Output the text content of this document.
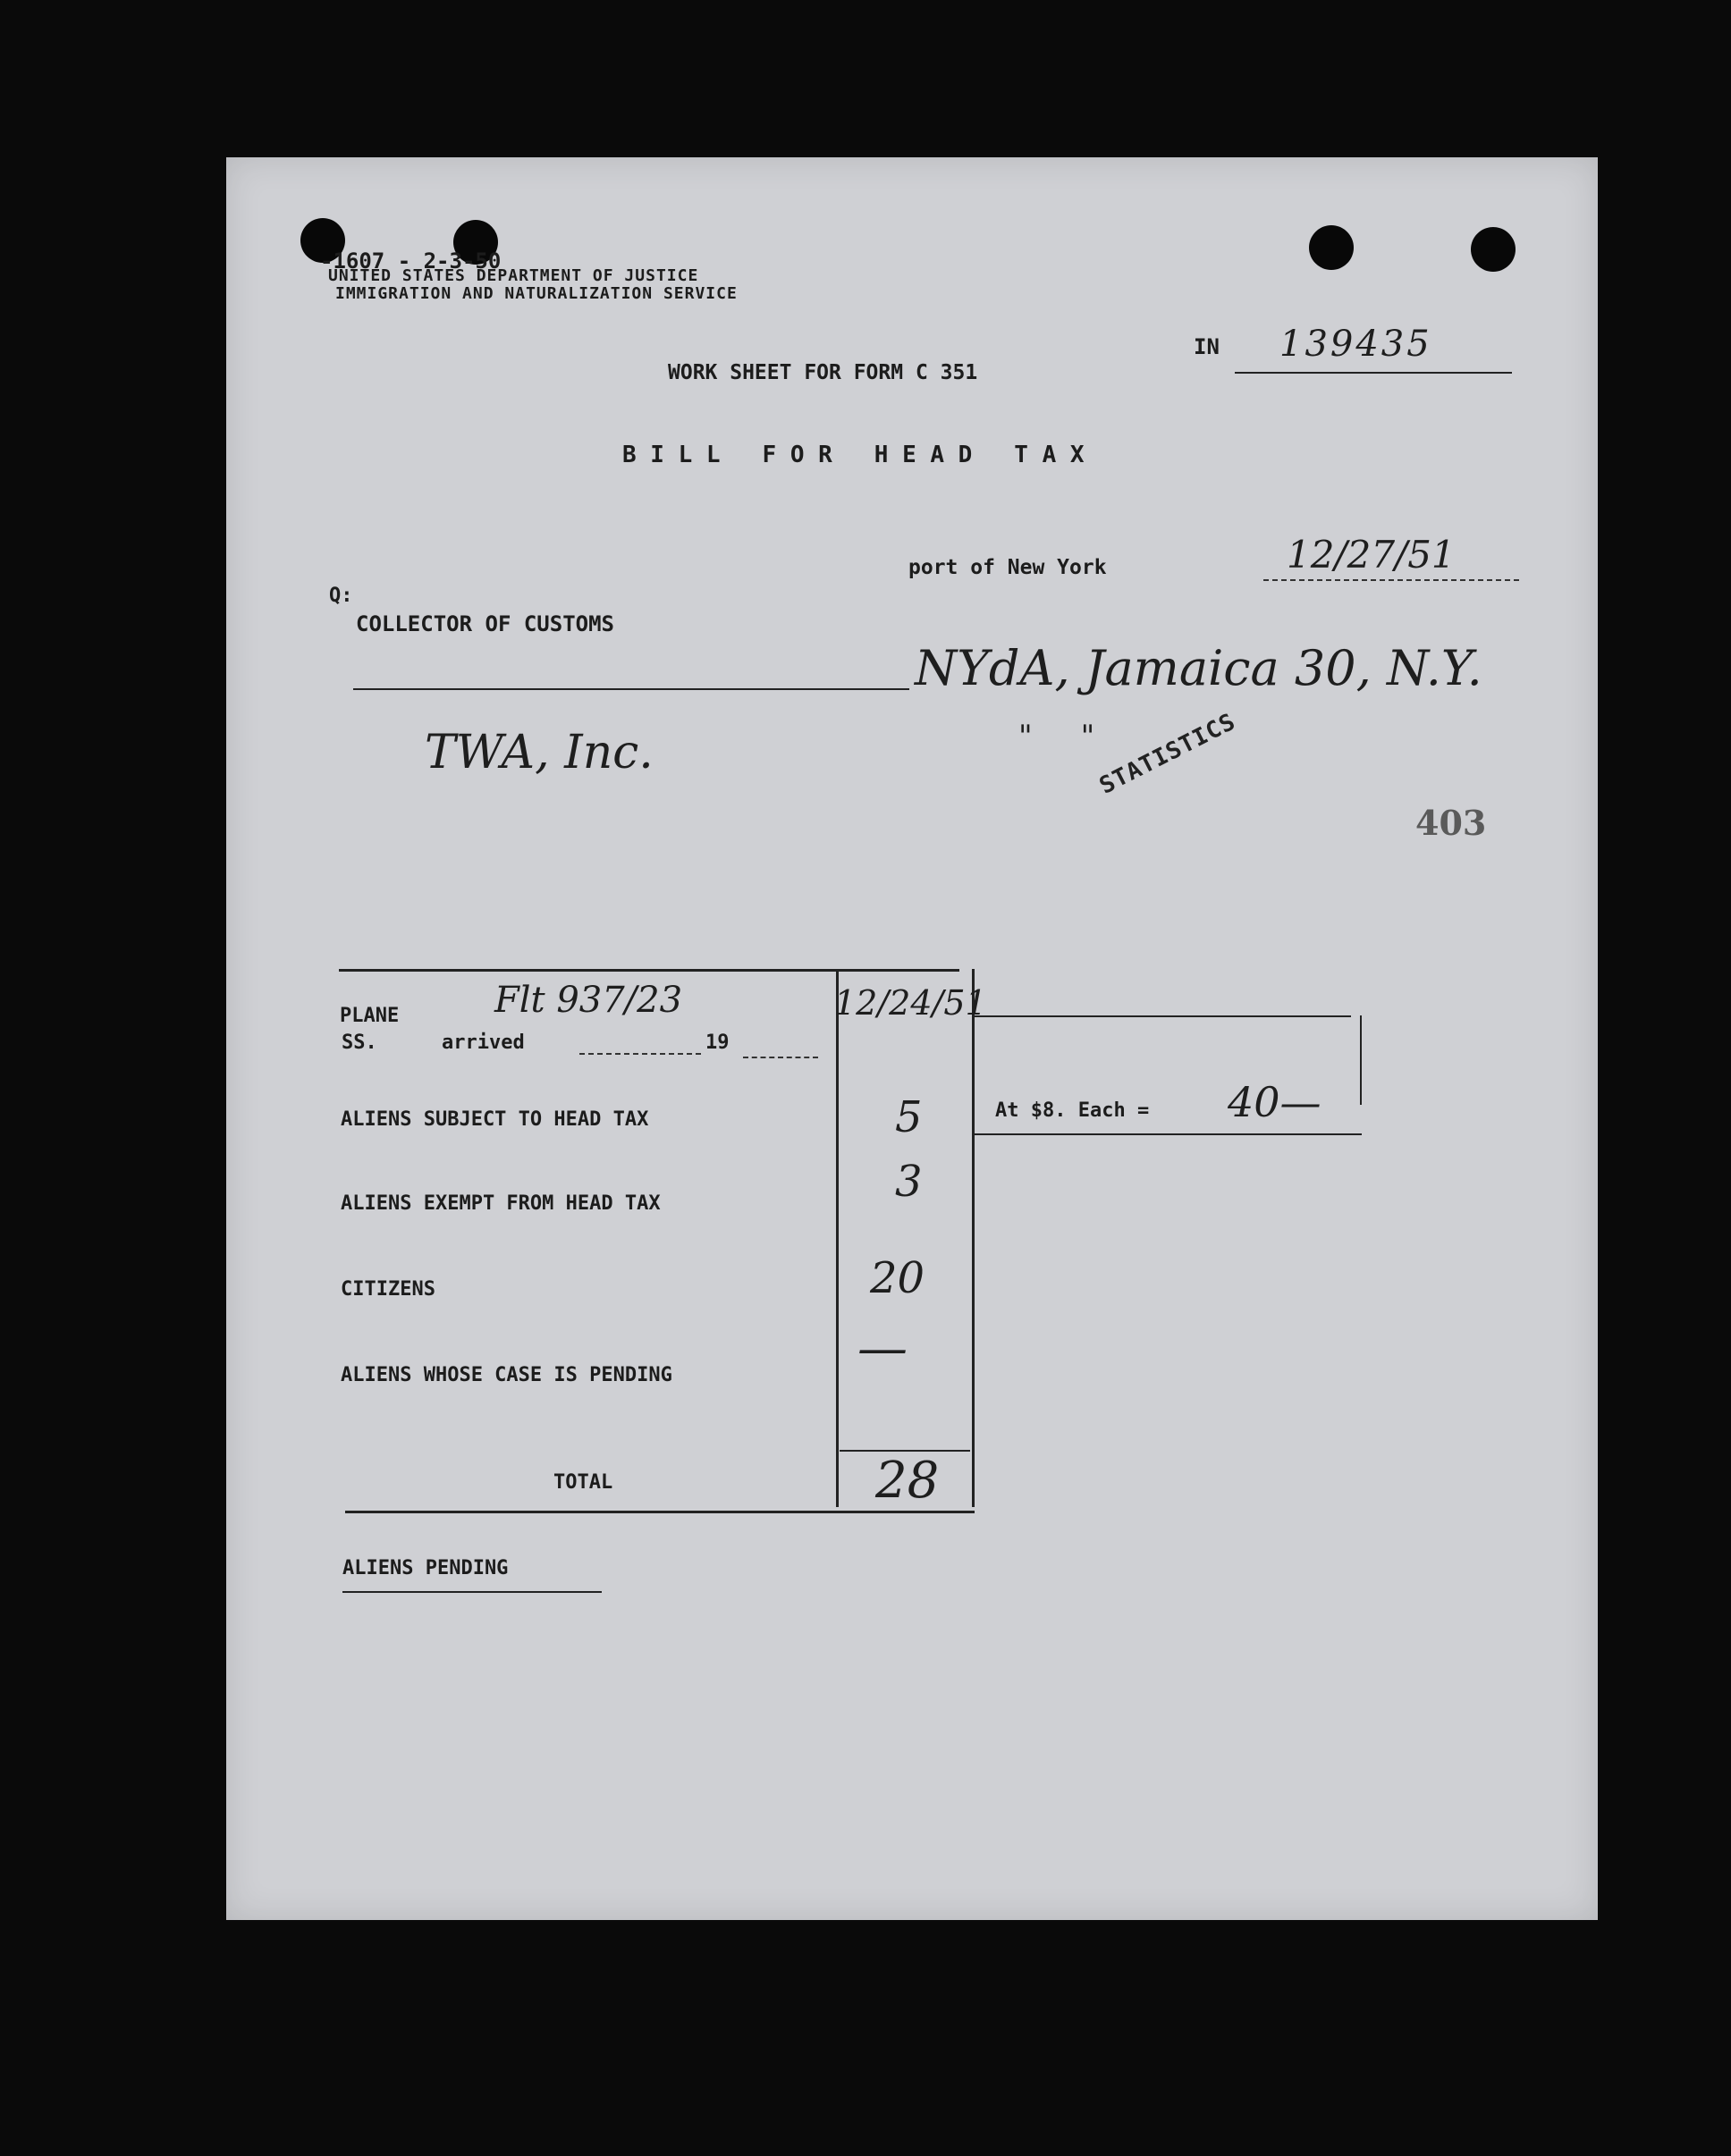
-1607 - 2-3-50
UNITED STATES DEPARTMENT OF JUSTICE
IMMIGRATION AND NATURALIZATION SERVICE
IN 139435
WORK SHEET FOR FORM C 351
B I L L   F O R   H E A D   T A X
port of New York	12/27/51
Q:
COLLECTOR OF CUSTOMS
NYdA, Jamaica 30, N.Y.
"     "
TWA, Inc.	STATISTICS
403
PLANE
SS.	arrived	19
Flt 937/23	12/24/51
ALIENS SUBJECT TO HEAD TAX	5
ALIENS EXEMPT FROM HEAD TAX	3
CITIZENS	20
ALIENS WHOSE CASE IS PENDING	—
TOTAL	28
At $8. Each = 40—
ALIENS PENDING
